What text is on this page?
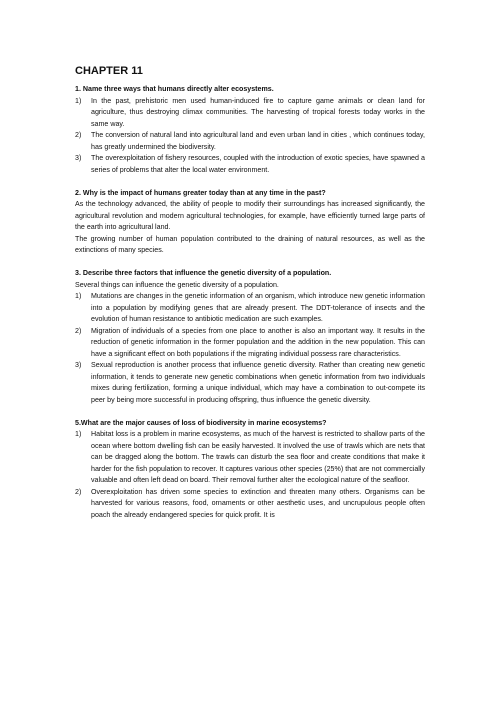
CHAPTER 11

1. Name three ways that humans directly alter ecosystems.

1) In the past, prehistoric men used human-induced fire to capture game animals or clean land for agriculture, thus destroying climax communities. The harvesting of tropical forests today works in the same way.
2) The conversion of natural land into agricultural land and even urban land in cities , which continues today, has greatly undermined the biodiversity.
3) The overexploitation of fishery resources, coupled with the introduction of exotic species, have spawned a series of problems that alter the local water environment.

2. Why is the impact of humans greater today than at any time in the past?

As the technology advanced, the ability of people to modify their surroundings has increased significantly, the agricultural revolution and modern agricultural technologies, for example, have efficiently turned large parts of the earth into agricultural land.

The growing number of human population contributed to the draining of natural resources, as well as the extinctions of many species.

3. Describe three factors that influence the genetic diversity of a population.

Several things can influence the genetic diversity of a population.

1) Mutations are changes in the genetic information of an organism, which introduce new genetic information into a population by modifying genes that are already present. The DDT-tolerance of insects and the evolution of human resistance to antibiotic medication are such examples.
2) Migration of individuals of a species from one place to another is also an important way. It results in the reduction of genetic information in the former population and the addition in the new population. This can have a significant effect on both populations if the migrating individual possess rare characteristics.
3) Sexual reproduction is another process that influence genetic diversity. Rather than creating new genetic information, it tends to generate new genetic combinations when genetic information from two individuals mixes during fertilization, forming a unique individual, which may have a combination to out-compete its peer by being more successful in producing offspring, thus influence the genetic diversity.

5.What are the major causes of loss of biodiversity in marine ecosystems?

1) Habitat loss is a problem in marine ecosystems, as much of the harvest is restricted to shallow parts of the ocean where bottom dwelling fish can be easily harvested. It involved the use of trawls which are nets that can be dragged along the bottom. The trawls can disturb the sea floor and create conditions that make it harder for the fish population to recover. It captures various other species (25%) that are not commercially valuable and often left dead on board. Their removal further alter the ecological nature of the seafloor.
2) Overexploitation has driven some species to extinction and threaten many others. Organisms can be harvested for various reasons, food, ornaments or other aesthetic uses, and uncrupulous people often poach the already endangered species for quick profit. It is
